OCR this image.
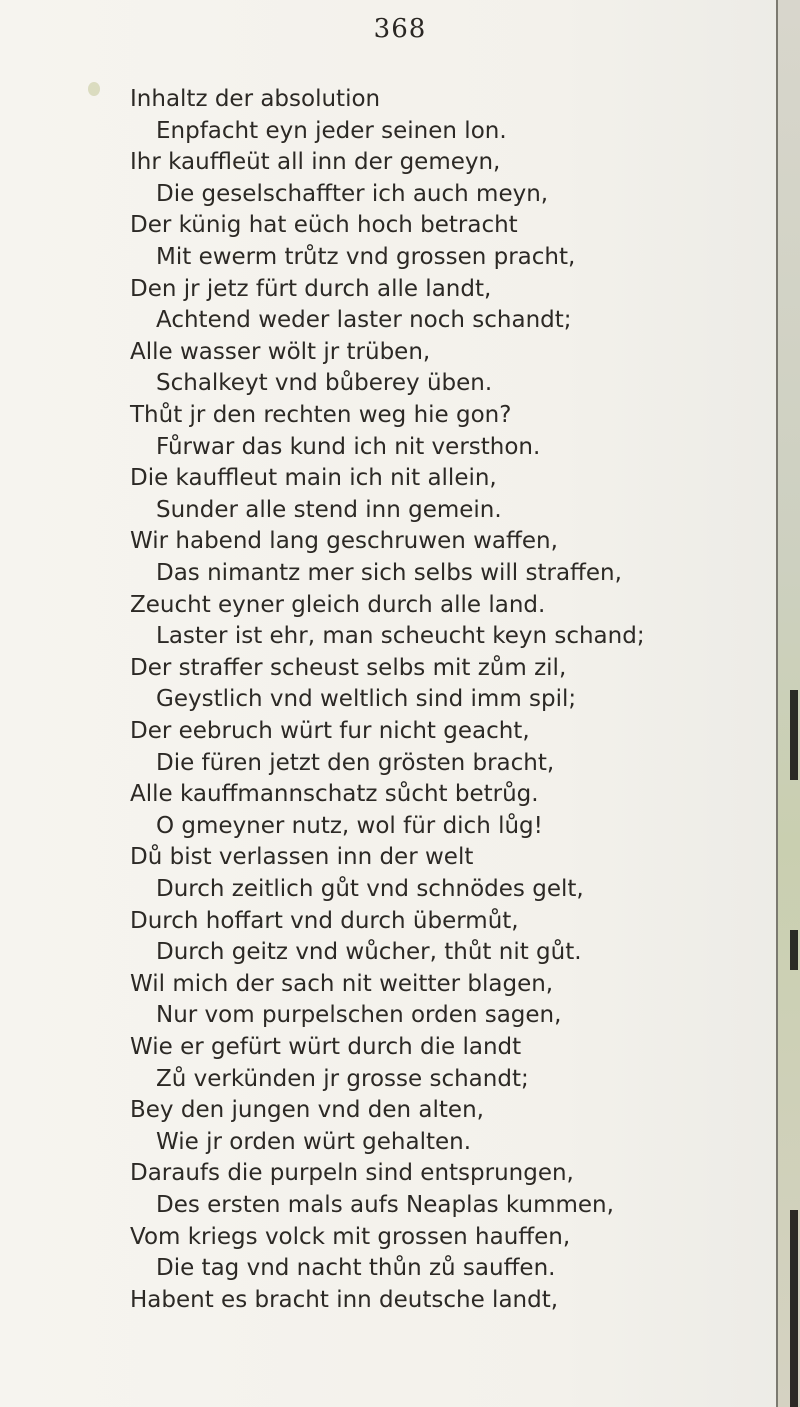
368
Inhaltz der absolution
Enpfacht eyn jeder seinen lon.
Ihr kauffleüt all inn der gemeyn,
Die geselschaffter ich auch meyn,
Der künig hat eüch hoch betracht
Mit ewerm trůtz vnd grossen pracht,
Den jr jetz fürt durch alle landt,
Achtend weder laster noch schandt;
Alle wasser wölt jr trüben,
Schalkeyt vnd bůberey üben.
Thůt jr den rechten weg hie gon?
Fůrwar das kund ich nit versthon.
Die kauffleut main ich nit allein,
Sunder alle stend inn gemein.
Wir habend lang geschruwen waffen,
Das nimantz mer sich selbs will straffen,
Zeucht eyner gleich durch alle land.
Laster ist ehr, man scheucht keyn schand;
Der straffer scheust selbs mit zům zil,
Geystlich vnd weltlich sind imm spil;
Der eebruch würt fur nicht geacht,
Die füren jetzt den grösten bracht,
Alle kauffmannschatz sůcht betrůg.
O gmeyner nutz, wol für dich lůg!
Dů bist verlassen inn der welt
Durch zeitlich gůt vnd schnödes gelt,
Durch hoffart vnd durch übermůt,
Durch geitz vnd wůcher, thůt nit gůt.
Wil mich der sach nit weitter blagen,
Nur vom purpelschen orden sagen,
Wie er gefürt würt durch die landt
Zů verkünden jr grosse schandt;
Bey den jungen vnd den alten,
Wie jr orden würt gehalten.
Daraufs die purpeln sind entsprungen,
Des ersten mals aufs Neaplas kummen,
Vom kriegs volck mit grossen hauffen,
Die tag vnd nacht thůn zů sauffen.
Habent es bracht inn deutsche landt,
